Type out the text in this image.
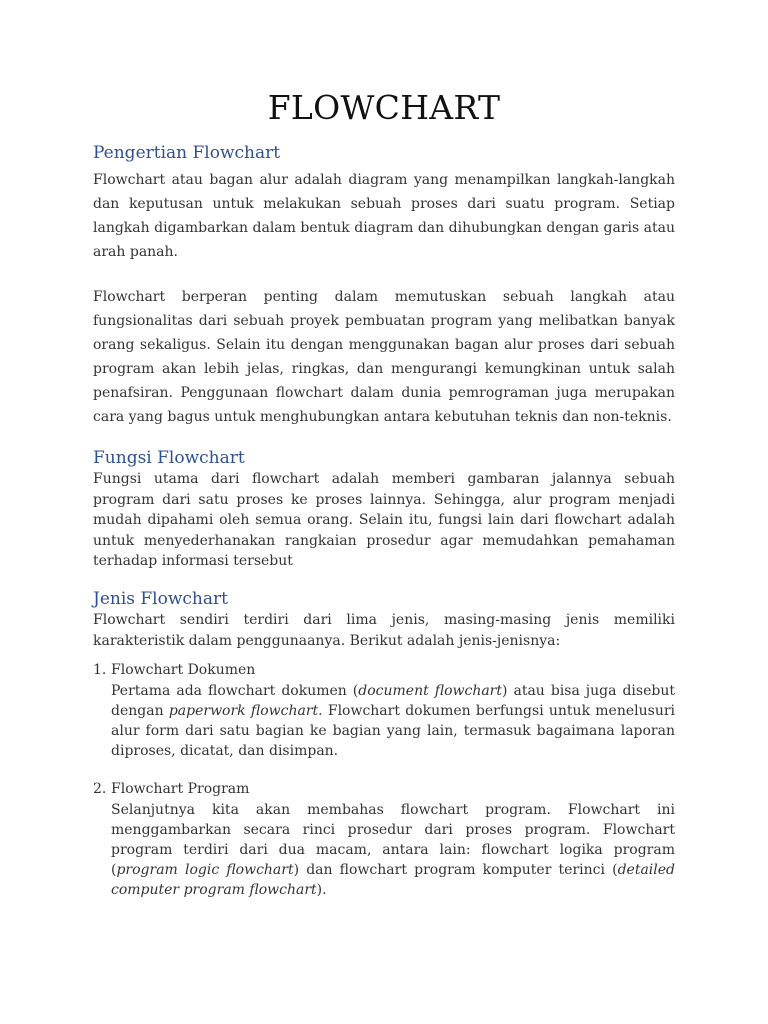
FLOWCHART
Pengertian Flowchart

Flowchart atau bagan alur adalah diagram yang menampilkan langkah-langkah dan keputusan untuk melakukan sebuah proses dari suatu program. Setiap langkah digambarkan dalam bentuk diagram dan dihubungkan dengan garis atau arah panah.

Flowchart berperan penting dalam memutuskan sebuah langkah atau fungsionalitas dari sebuah proyek pembuatan program yang melibatkan banyak orang sekaligus. Selain itu dengan menggunakan bagan alur proses dari sebuah program akan lebih jelas, ringkas, dan mengurangi kemungkinan untuk salah penafsiran. Penggunaan flowchart dalam dunia pemrograman juga merupakan cara yang bagus untuk menghubungkan antara kebutuhan teknis dan non-teknis.

Fungsi Flowchart

Fungsi utama dari flowchart adalah memberi gambaran jalannya sebuah program dari satu proses ke proses lainnya. Sehingga, alur program menjadi mudah dipahami oleh semua orang. Selain itu, fungsi lain dari flowchart adalah untuk menyederhanakan rangkaian prosedur agar memudahkan pemahaman terhadap informasi tersebut

Jenis Flowchart

Flowchart sendiri terdiri dari lima jenis, masing-masing jenis memiliki karakteristik dalam penggunaanya. Berikut adalah jenis-jenisnya:

1. Flowchart Dokumen

Pertama ada flowchart dokumen (document flowchart) atau bisa juga disebut dengan paperwork flowchart. Flowchart dokumen berfungsi untuk menelusuri alur form dari satu bagian ke bagian yang lain, termasuk bagaimana laporan diproses, dicatat, dan disimpan.

2. Flowchart Program

Selanjutnya kita akan membahas flowchart program. Flowchart ini menggambarkan secara rinci prosedur dari proses program. Flowchart program terdiri dari dua macam, antara lain: flowchart logika program (program logic flowchart) dan flowchart program komputer terinci (detailed computer program flowchart).
